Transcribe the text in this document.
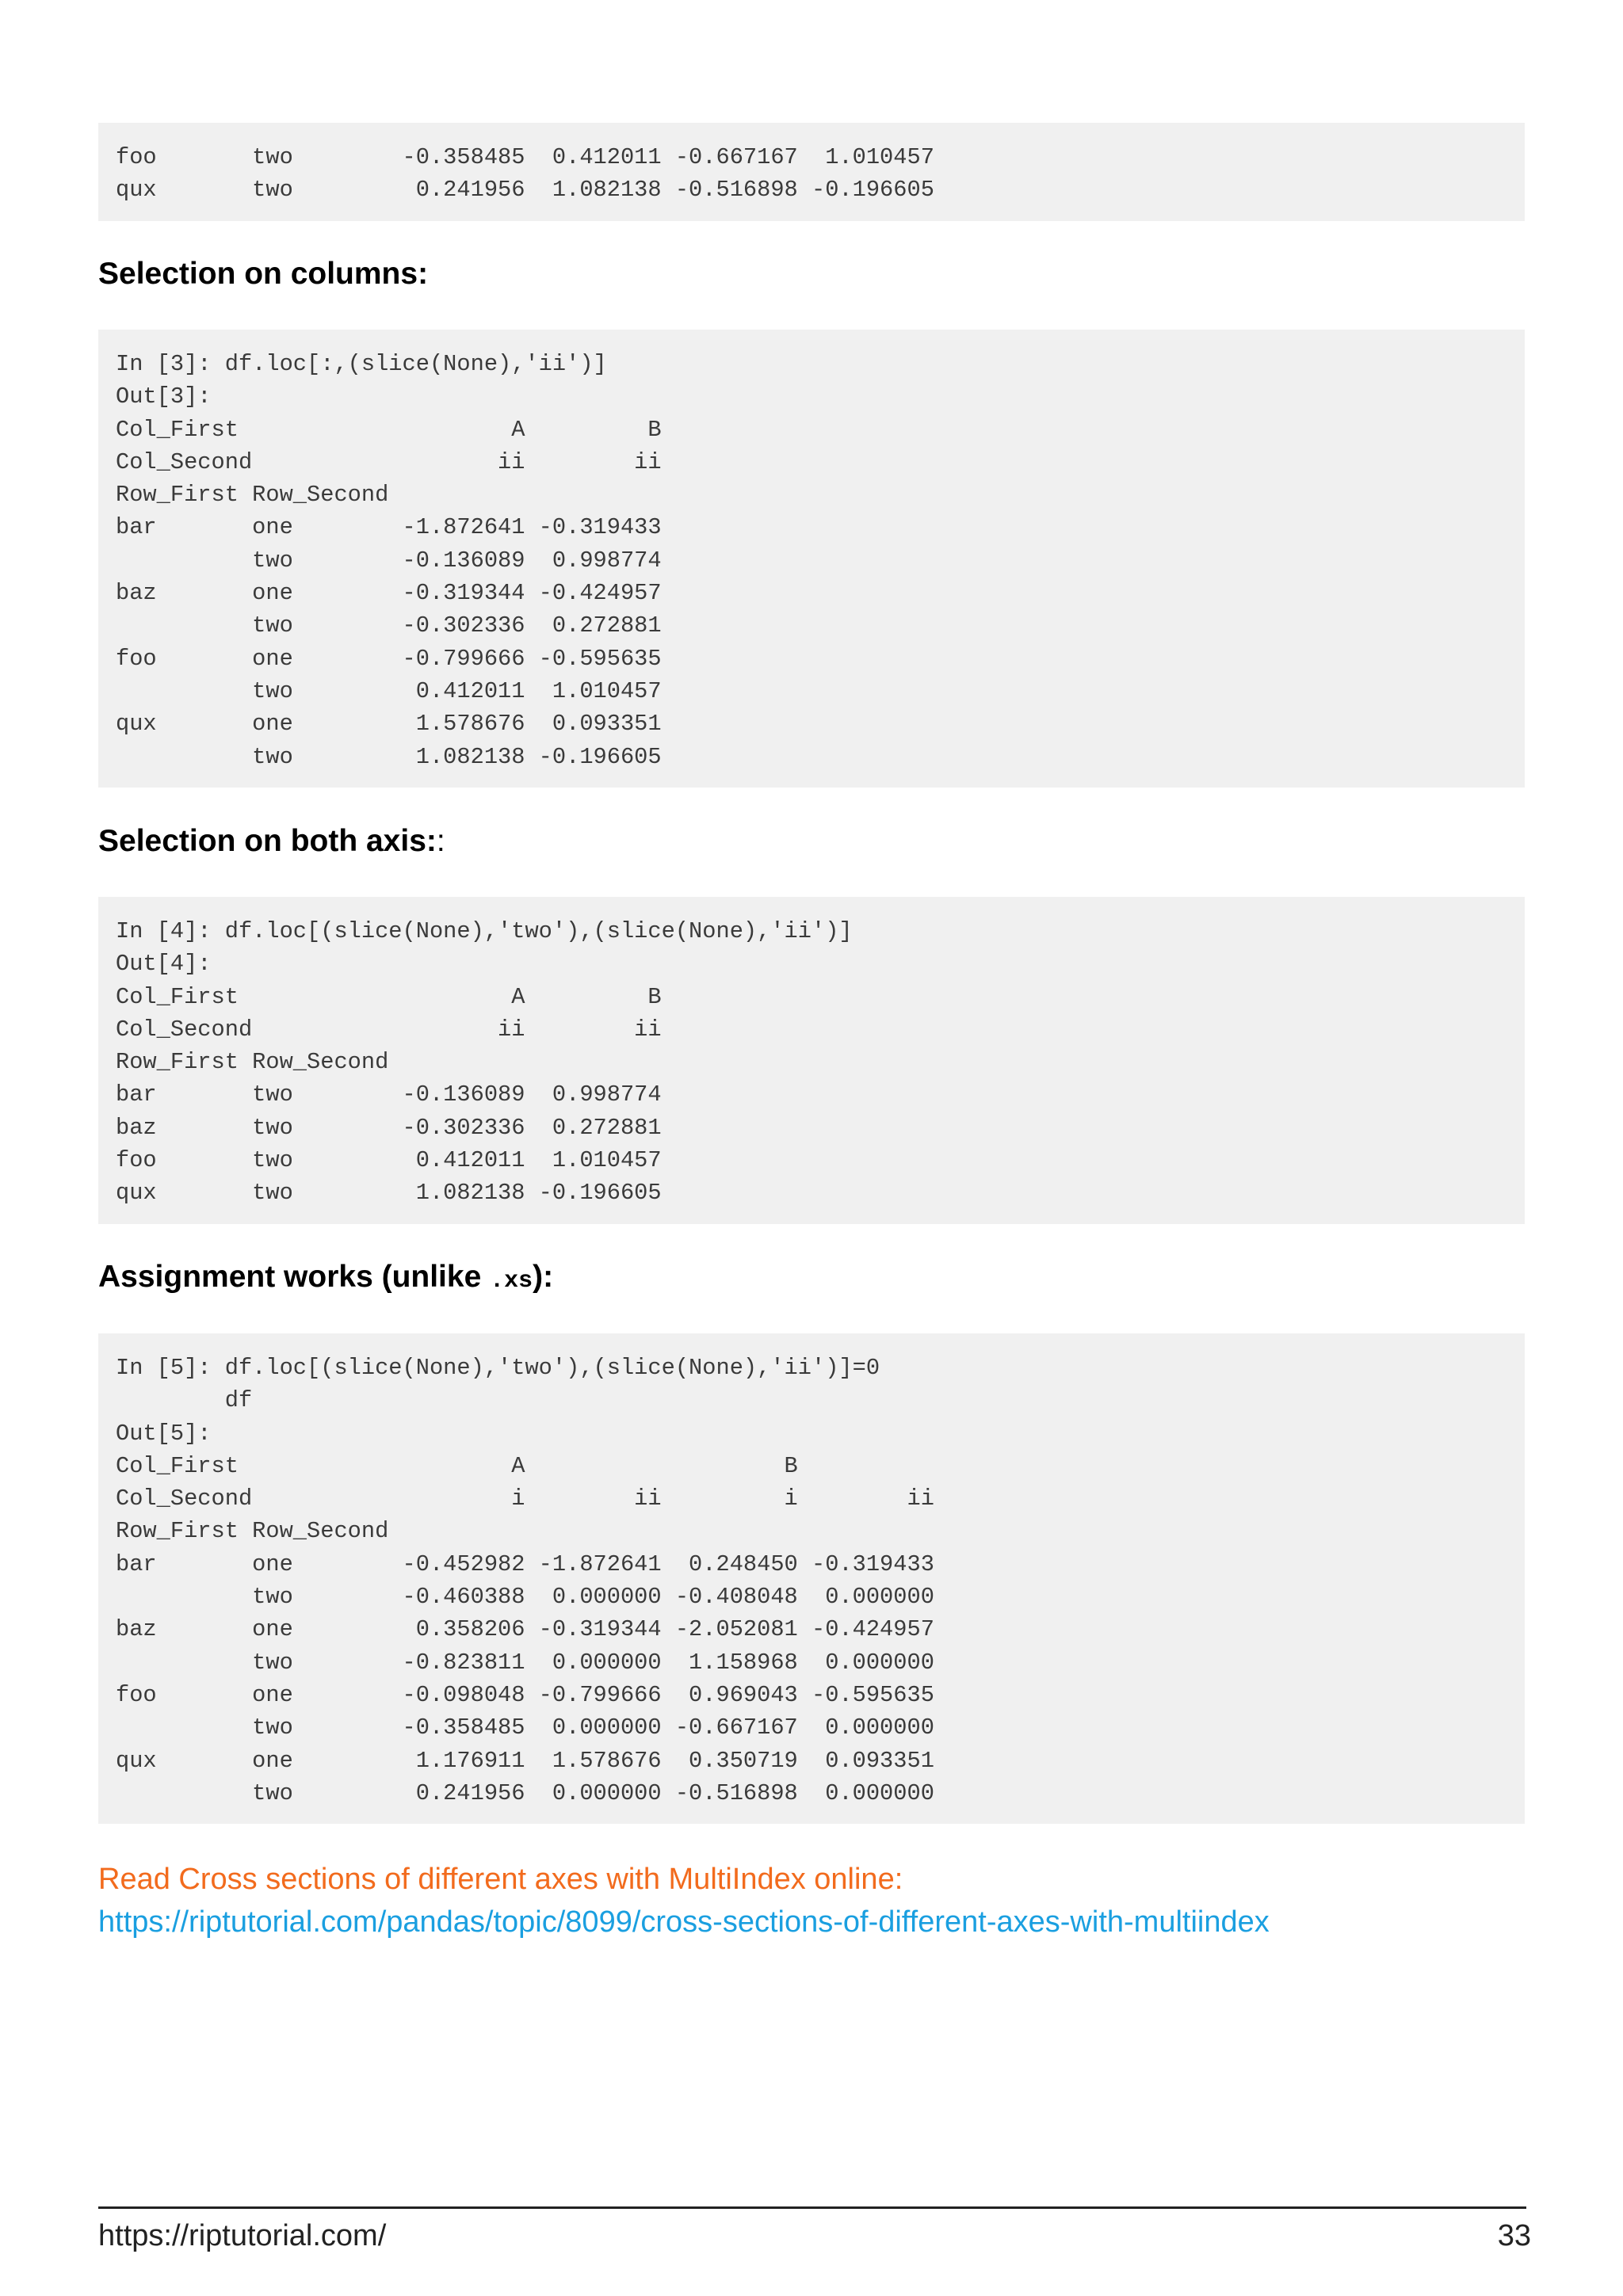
foo       two        -0.358485  0.412011 -0.667167  1.010457
qux       two         0.241956  1.082138 -0.516898 -0.196605
Selection on columns:
In [3]: df.loc[:,(slice(None),'ii')]
Out[3]:
Col_First                    A         B
Col_Second                  ii        ii
Row_First Row_Second
bar       one        -1.872641 -0.319433
two        -0.136089  0.998774
baz       one        -0.319344 -0.424957
two        -0.302336  0.272881
foo       one        -0.799666 -0.595635
two         0.412011  1.010457
qux       one         1.578676  0.093351
two         1.082138 -0.196605
Selection on both axis::
In [4]: df.loc[(slice(None),'two'),(slice(None),'ii')]
Out[4]:
Col_First                    A         B
Col_Second                  ii        ii
Row_First Row_Second
bar       two        -0.136089  0.998774
baz       two        -0.302336  0.272881
foo       two         0.412011  1.010457
qux       two         1.082138 -0.196605
Assignment works (unlike .xs):
In [5]: df.loc[(slice(None),'two'),(slice(None),'ii')]=0
df
Out[5]:
Col_First                    A                   B
Col_Second                   i        ii         i        ii
Row_First Row_Second
bar       one        -0.452982 -1.872641  0.248450 -0.319433
two        -0.460388  0.000000 -0.408048  0.000000
baz       one         0.358206 -0.319344 -2.052081 -0.424957
two        -0.823811  0.000000  1.158968  0.000000
foo       one        -0.098048 -0.799666  0.969043 -0.595635
two        -0.358485  0.000000 -0.667167  0.000000
qux       one         1.176911  1.578676  0.350719  0.093351
two         0.241956  0.000000 -0.516898  0.000000

Read Cross sections of different axes with MultiIndex online:

https://riptutorial.com/pandas/topic/8099/cross-sections-of-different-axes-with-multiindex
https://riptutorial.com/	33
